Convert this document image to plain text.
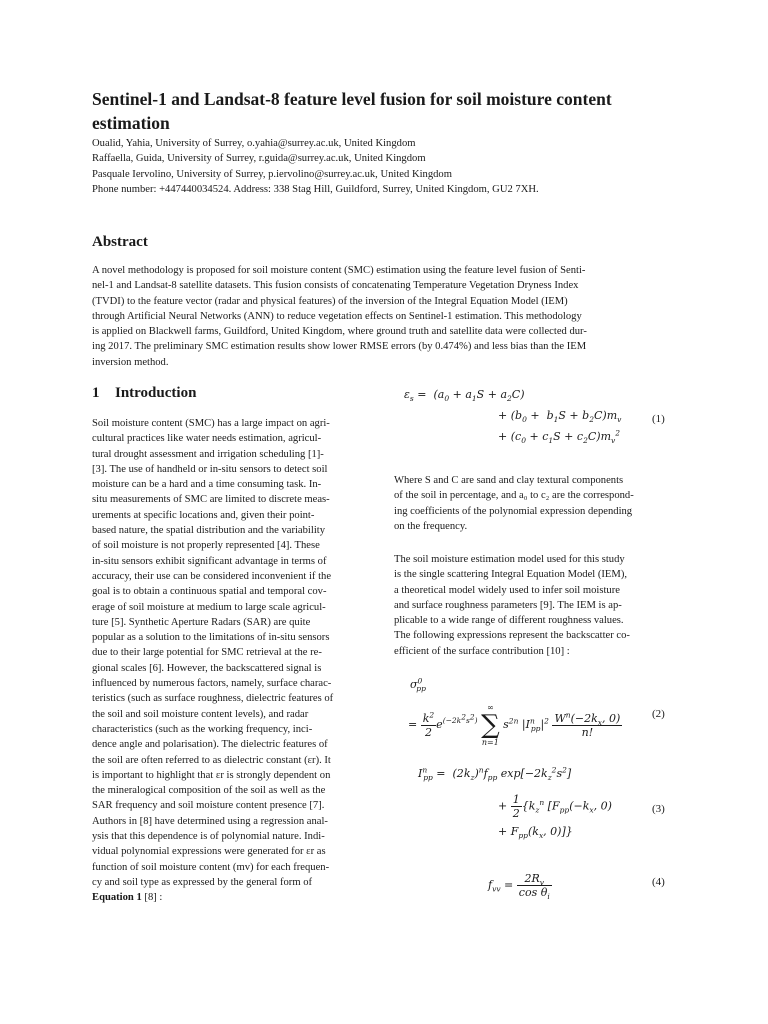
Sentinel-1 and Landsat-8 feature level fusion for soil moisture content estimation
Oualid, Yahia, University of Surrey, o.yahia@surrey.ac.uk, United Kingdom
Raffaella, Guida, University of Surrey, r.guida@surrey.ac.uk, United Kingdom
Pasquale Iervolino, University of Surrey, p.iervolino@surrey.ac.uk, United Kingdom
Phone number: +447440034524. Address: 338 Stag Hill, Guildford, Surrey, United Kingdom, GU2 7XH.
Abstract
A novel methodology is proposed for soil moisture content (SMC) estimation using the feature level fusion of Senti-
nel-1 and Landsat-8 satellite datasets. This fusion consists of concatenating Temperature Vegetation Dryness Index
(TVDI) to the feature vector (radar and physical features) of the inversion of the Integral Equation Model (IEM)
through Artificial Neural Networks (ANN) to reduce vegetation effects on Sentinel-1 estimation. This methodology
is applied on Blackwell farms, Guildford, United Kingdom, where ground truth and satellite data were collected dur-
ing 2017. The preliminary SMC estimation results show lower RMSE errors (by 0.474%) and less bias than the IEM
inversion method.
1 Introduction
Soil moisture content (SMC) has a large impact on agri-
cultural practices like water needs estimation, agricul-
tural drought assessment and irrigation scheduling [1]-
[3]. The use of handheld or in-situ sensors to detect soil
moisture can be a hard and a time consuming task. In-
situ measurements of SMC are limited to discrete meas-
urements at specific locations and, given their point-
based nature, the spatial distribution and the variability
of soil moisture is not properly represented [4]. These
in-situ sensors exhibit significant advantage in terms of
accuracy, their use can be considered inconvenient if the
goal is to obtain a continuous spatial and temporal cov-
erage of soil moisture at medium to large scale agricul-
ture [5]. Synthetic Aperture Radars (SAR) are quite
popular as a solution to the limitations of in-situ sensors
due to their large potential for SMC retrieval at the re-
gional scales [6]. However, the backscattered signal is
influenced by numerous factors, namely, surface charac-
teristics (such as surface roughness, dielectric features of
the soil and soil moisture content levels), and radar
characteristics (such as the working frequency, inci-
dence angle and polarisation). The dielectric features of
the soil are often referred to as dielectric constant (εr). It
is important to highlight that εr is strongly dependent on
the mineralogical composition of the soil as well as the
SAR frequency and soil moisture content presence [7].
Authors in [8] have determined using a regression anal-
ysis that this dependence is of polynomial nature. Indi-
vidual polynomial expressions were generated for εr as
function of soil moisture content (mv) for each frequen-
cy and soil type as expressed by the general form of
Equation 1 [8] :
$\varepsilon_s = (a_0 + a_1S + a_2C)$
+ $(b_0 + b_1S + b_2C)m_v$
+ $(c_0 + c_1S + c_2C)m_v^2$
(1)
Where S and C are sand and clay textural components
of the soil in percentage, and a₀ to c₂ are the correspond-
ing coefficients of the polynomial expression depending
on the frequency.
The soil moisture estimation model used for this study
is the single scattering Integral Equation Model (IEM),
a theoretical model widely used to infer soil moisture
and surface roughness parameters [9]. The IEM is ap-
plicable to a wide range of different roughness values.
The following expressions represent the backscatter co-
efficient of the surface contribution [10] :
$\sigma^0_{pp}$
= $\frac{k^2}{2} e^{(-2k^2s^2)}$
∞
∑
n=1
$s^{2n}$ $|I^n_{pp}|^2 \frac{W^n(-2k_x, 0)}{n!}$	(2)
$I^n_{pp} = (2k_z)^nf_{pp}$ $\exp[-2k_z^2s^2]$
+ $\frac{1}{2} \{k_z^n$ [$F_{pp}(-k_x$, 0)
+ $F_{pp}(k_x$, 0)]}
(3)
$f_{vv} = \frac{2R_v}{\cos \theta_i}$	(4)
